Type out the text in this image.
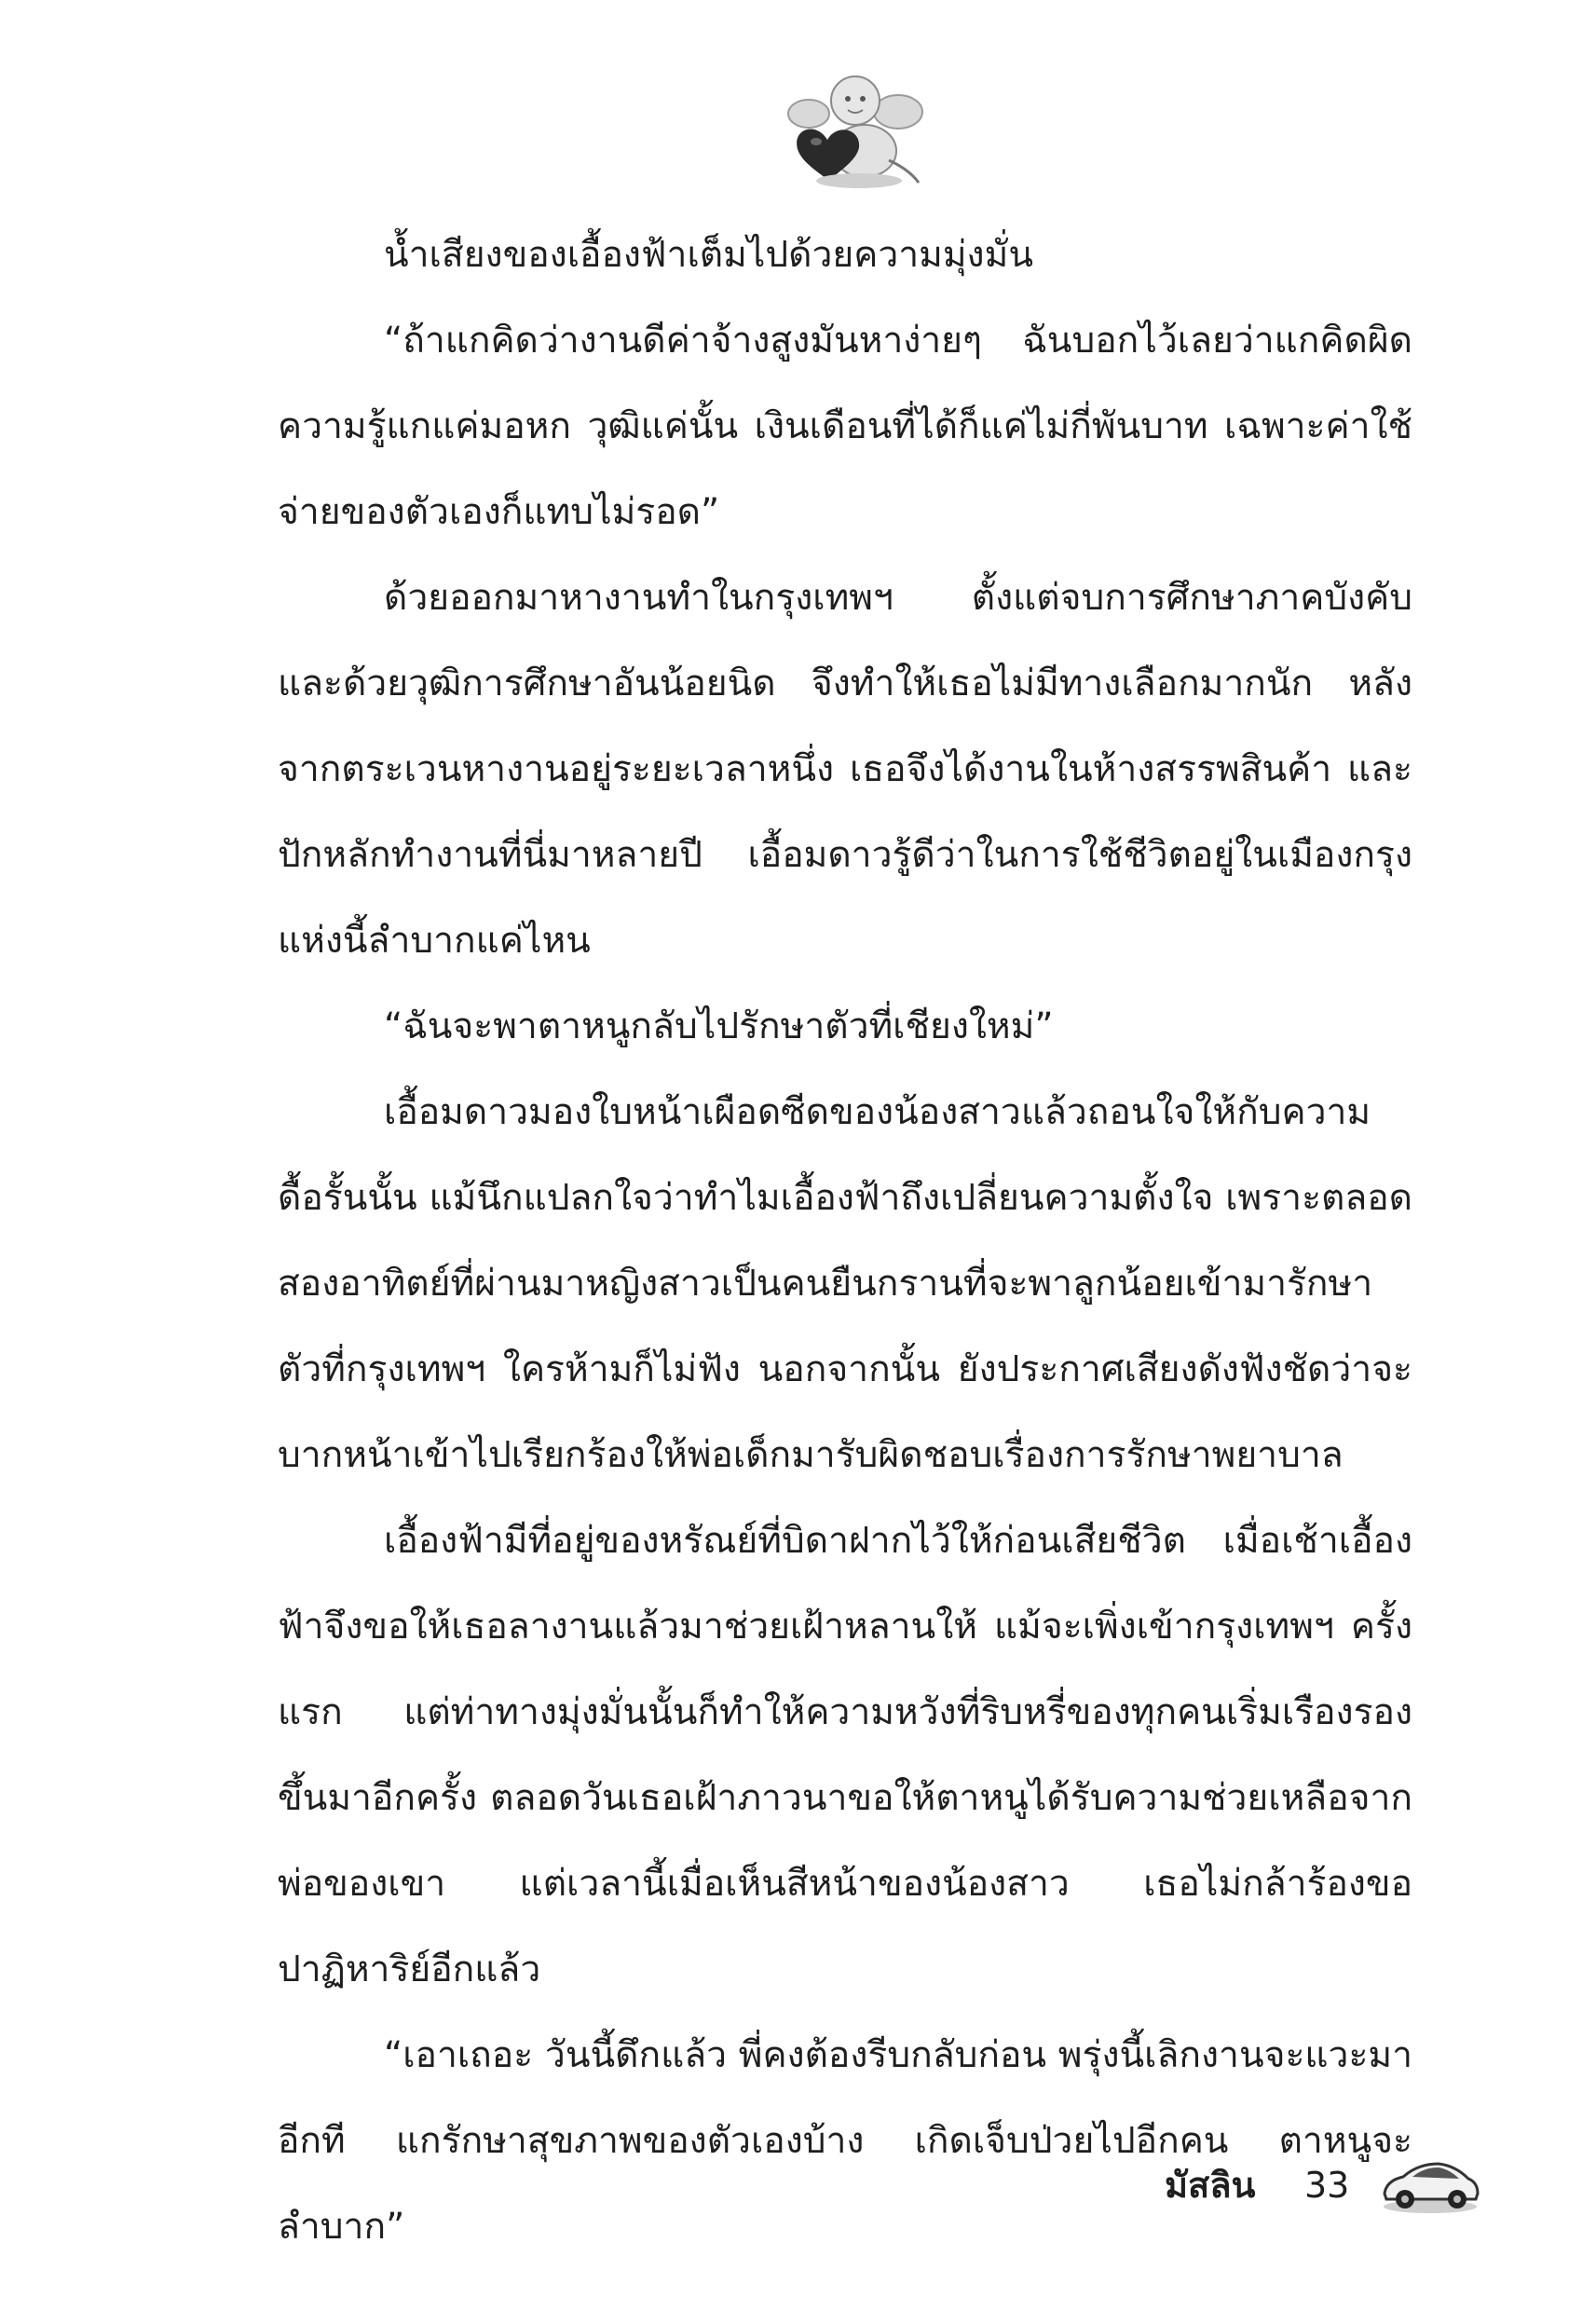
น้ำเสียงของเอื้องฟ้าเต็มไปด้วยความมุ่งมั่น

“ถ้าแกคิดว่างานดีค่าจ้างสูงมันหาง่ายๆ ฉันบอกไว้เลยว่าแกคิดผิด ความรู้แกแค่มอหก วุฒิแค่นั้น เงินเดือนที่ได้ก็แค่ไม่กี่พันบาท เฉพาะค่าใช้จ่ายของตัวเองก็แทบไม่รอด”

ด้วยออกมาหางานทำในกรุงเทพฯ ตั้งแต่จบการศึกษาภาคบังคับ และด้วยวุฒิการศึกษาอันน้อยนิด จึงทำให้เธอไม่มีทางเลือกมากนัก หลังจากตระเวนหางานอยู่ระยะเวลาหนึ่ง เธอจึงได้งานในห้างสรรพสินค้า และปักหลักทำงานที่นี่มาหลายปี เอื้อมดาวรู้ดีว่าในการใช้ชีวิตอยู่ในเมืองกรุงแห่งนี้ลำบากแค่ไหน

“ฉันจะพาตาหนูกลับไปรักษาตัวที่เชียงใหม่”

เอื้อมดาวมองใบหน้าเผือดซีดของน้องสาวแล้วถอนใจให้กับความดื้อรั้นนั้น แม้นึกแปลกใจว่าทำไมเอื้องฟ้าถึงเปลี่ยนความตั้งใจ เพราะตลอดสองอาทิตย์ที่ผ่านมาหญิงสาวเป็นคนยืนกรานที่จะพาลูกน้อยเข้ามารักษาตัวที่กรุงเทพฯ ใครห้ามก็ไม่ฟัง นอกจากนั้น ยังประกาศเสียงดังฟังชัดว่าจะบากหน้าเข้าไปเรียกร้องให้พ่อเด็กมารับผิดชอบเรื่องการรักษาพยาบาล

เอื้องฟ้ามีที่อยู่ของหรัณย์ที่บิดาฝากไว้ให้ก่อนเสียชีวิต เมื่อเช้าเอื้องฟ้าจึงขอให้เธอลางานแล้วมาช่วยเฝ้าหลานให้ แม้จะเพิ่งเข้ากรุงเทพฯ ครั้งแรก แต่ท่าทางมุ่งมั่นนั้นก็ทำให้ความหวังที่ริบหรี่ของทุกคนเริ่มเรืองรองขึ้นมาอีกครั้ง ตลอดวันเธอเฝ้าภาวนาขอให้ตาหนูได้รับความช่วยเหลือจากพ่อของเขา แต่เวลานี้เมื่อเห็นสีหน้าของน้องสาว เธอไม่กล้าร้องขอปาฏิหาริย์อีกแล้ว

“เอาเถอะ วันนี้ดึกแล้ว พี่คงต้องรีบกลับก่อน พรุ่งนี้เลิกงานจะแวะมาอีกที แกรักษาสุขภาพของตัวเองบ้าง เกิดเจ็บป่วยไปอีกคน ตาหนูจะลำบาก”

มัสลิน 33
